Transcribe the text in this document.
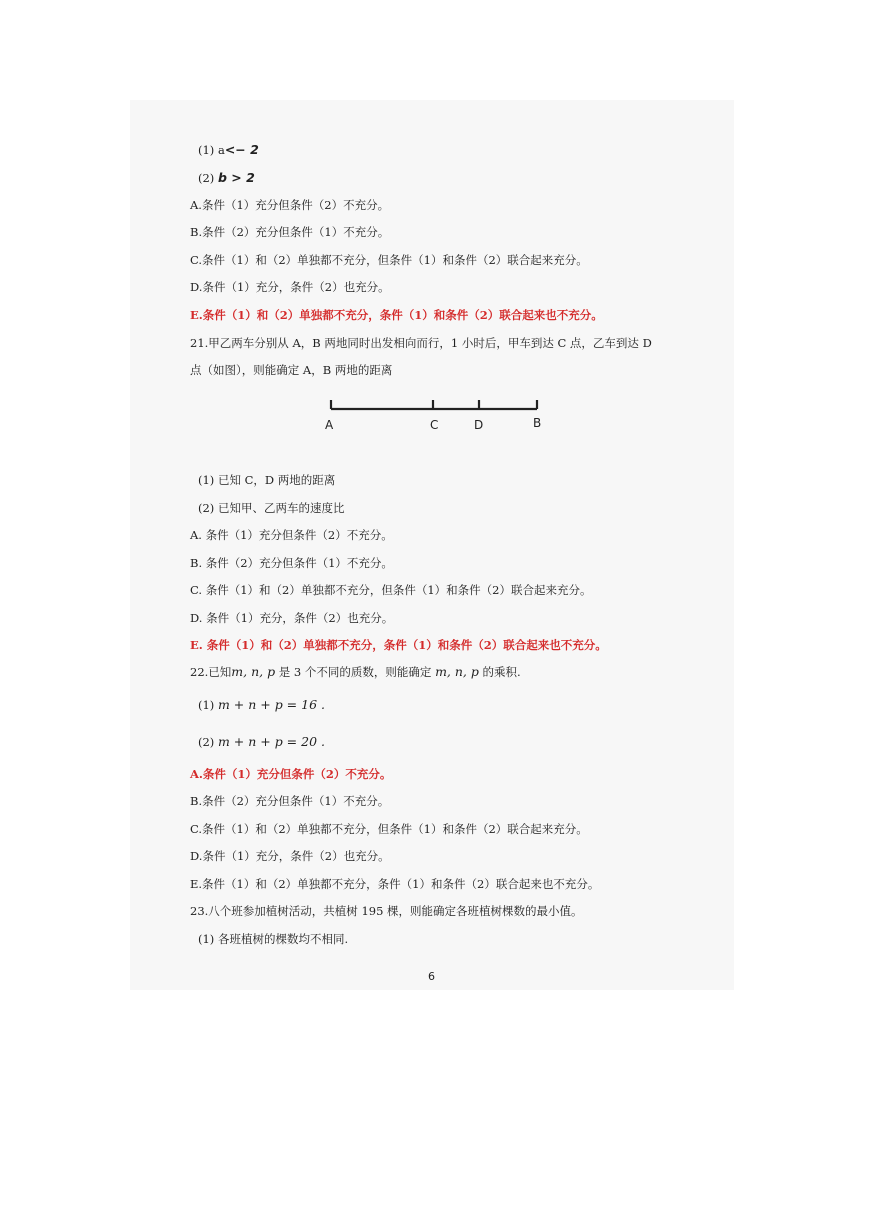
(1) a<− 2
(2) b > 2
A.条件（1）充分但条件（2）不充分。
B.条件（2）充分但条件（1）不充分。
C.条件（1）和（2）单独都不充分，但条件（1）和条件（2）联合起来充分。
D.条件（1）充分，条件（2）也充分。
E.条件（1）和（2）单独都不充分，条件（1）和条件（2）联合起来也不充分。
21.甲乙两车分别从 A，B 两地同时出发相向而行，1 小时后，甲车到达 C 点，乙车到达 D
点（如图），则能确定 A，B 两地的距离
A	C	D	B
(1) 已知 C，D 两地的距离
(2) 已知甲、乙两车的速度比
A. 条件（1）充分但条件（2）不充分。
B. 条件（2）充分但条件（1）不充分。
C. 条件（1）和（2）单独都不充分，但条件（1）和条件（2）联合起来充分。
D. 条件（1）充分，条件（2）也充分。
E. 条件（1）和（2）单独都不充分，条件（1）和条件（2）联合起来也不充分。
22.已知m, n, p 是 3 个不同的质数，则能确定 m, n, p 的乘积.
(1) m + n + p = 16 .
(2) m + n + p = 20 .
A.条件（1）充分但条件（2）不充分。
B.条件（2）充分但条件（1）不充分。
C.条件（1）和（2）单独都不充分，但条件（1）和条件（2）联合起来充分。
D.条件（1）充分，条件（2）也充分。
E.条件（1）和（2）单独都不充分，条件（1）和条件（2）联合起来也不充分。
23.八个班参加植树活动，共植树 195 棵，则能确定各班植树棵数的最小值。
(1) 各班植树的棵数均不相同.
6
